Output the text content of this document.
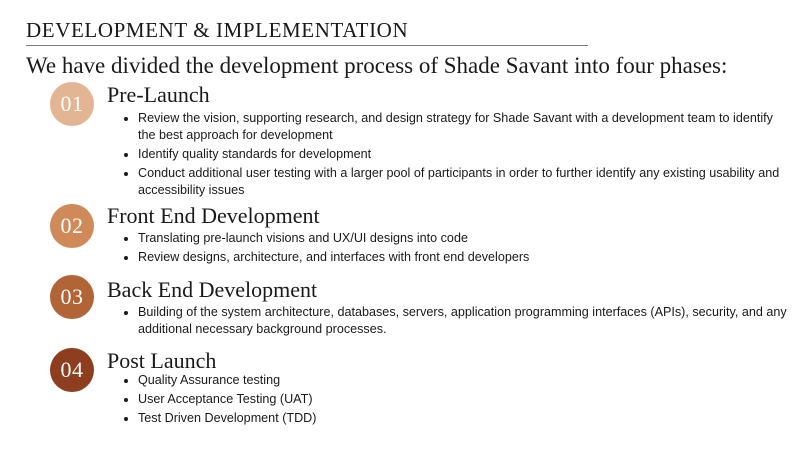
DEVELOPMENT & IMPLEMENTATION
We have divided the development process of Shade Savant into four phases:
01	Pre-Launch
• Review the vision, supporting research, and design strategy for Shade Savant with a development team to identify the best approach for development
• Identify quality standards for development
• Conduct additional user testing with a larger pool of participants in order to further identify any existing usability and accessibility issues
02	Front End Development
• Translating pre-launch visions and UX/UI designs into code
• Review designs, architecture, and interfaces with front end developers
03	Back End Development
• Building of the system architecture, databases, servers, application programming interfaces (APIs), security, and any additional necessary background processes.
04	Post Launch
• Quality Assurance testing
• User Acceptance Testing (UAT)
• Test Driven Development (TDD)
